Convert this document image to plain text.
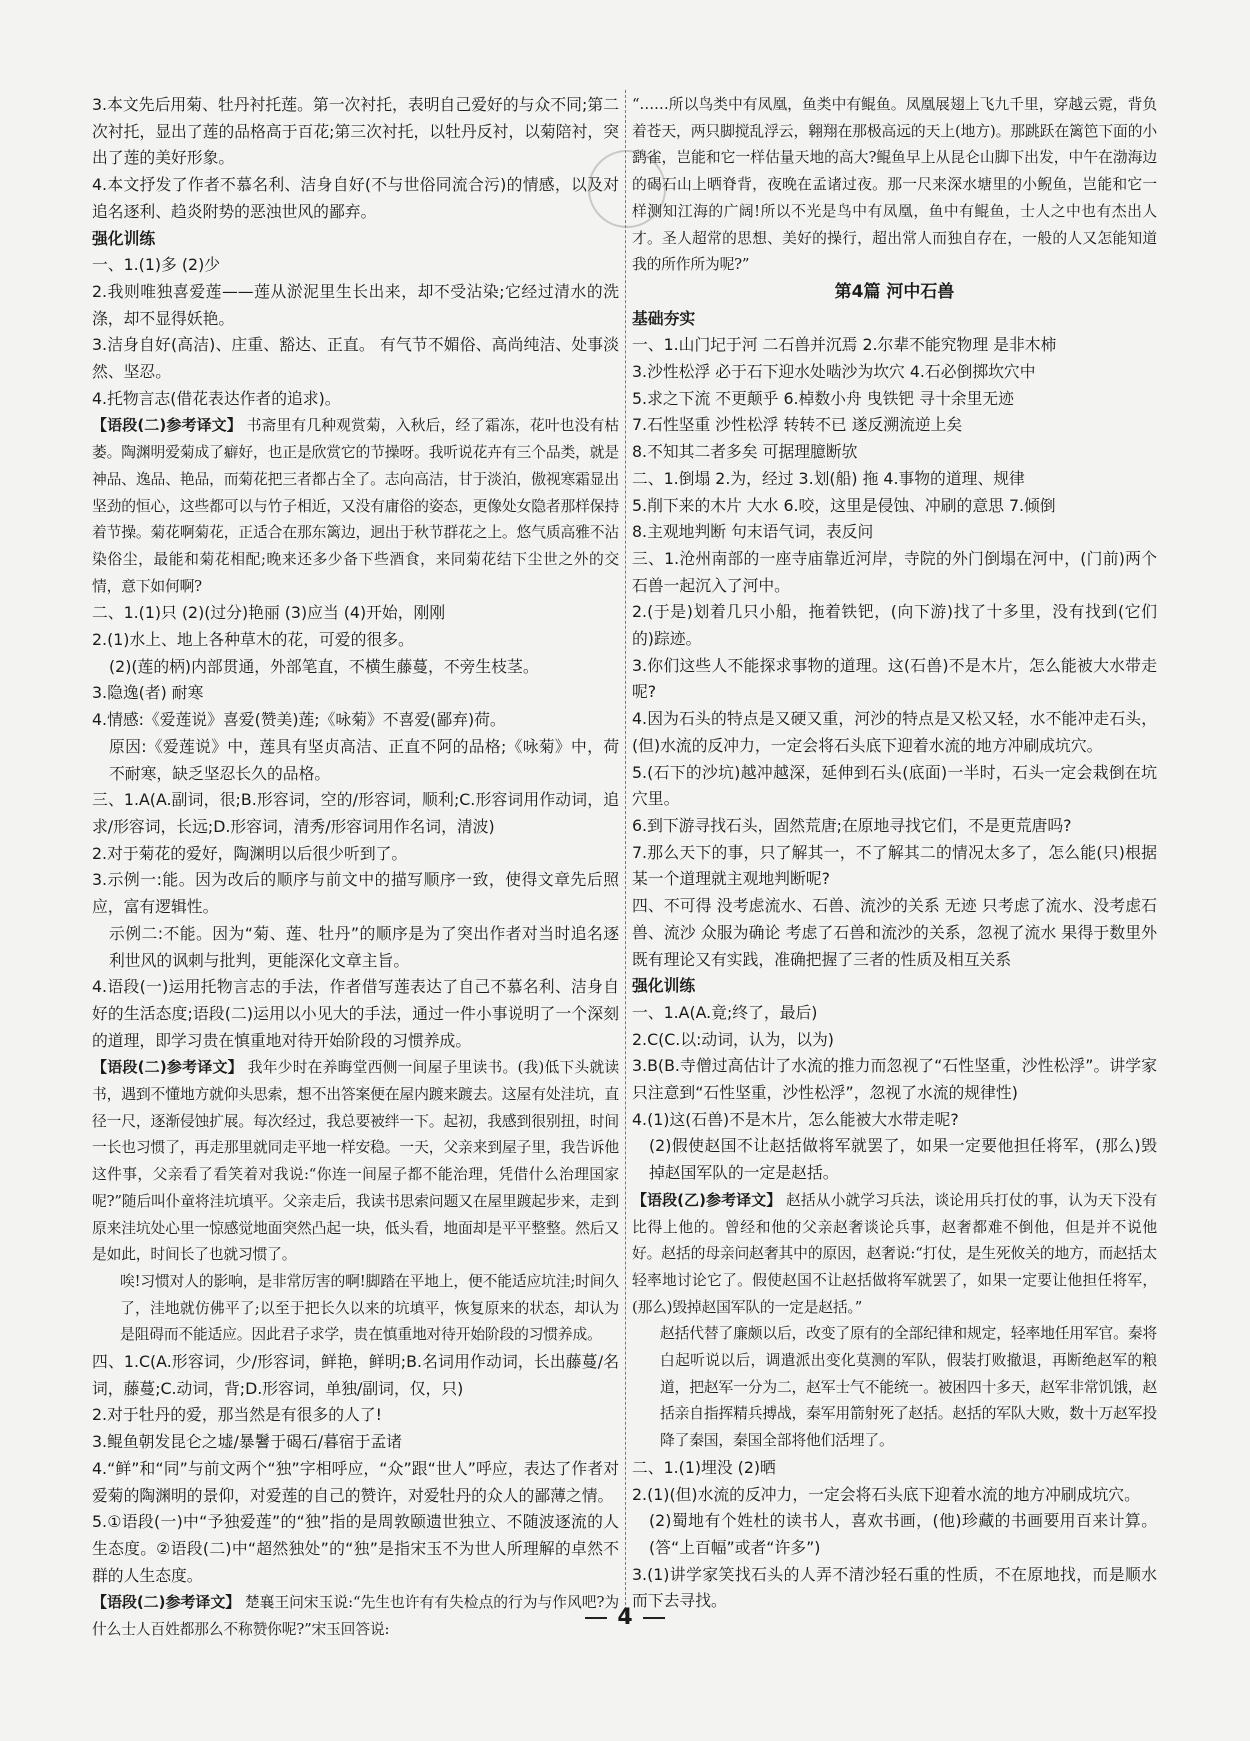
3.本文先后用菊、牡丹衬托莲。第一次衬托，表明自己爱好的与众不同;第二次衬托，显出了莲的品格高于百花;第三次衬托，以牡丹反衬，以菊陪衬，突出了莲的美好形象。
4.本文抒发了作者不慕名利、洁身自好(不与世俗同流合污)的情感，以及对追名逐利、趋炎附势的恶浊世风的鄙弃。
强化训练
一、1.(1)多 (2)少
2.我则唯独喜爱莲——莲从淤泥里生长出来，却不受沾染;它经过清水的洗涤，却不显得妖艳。
3.洁身自好(高洁)、庄重、豁达、正直。 有气节不媚俗、高尚纯洁、处事淡然、坚忍。
4.托物言志(借花表达作者的追求)。
【语段(二)参考译文】 书斋里有几种观赏菊，入秋后，经了霜冻，花叶也没有枯萎。陶渊明爱菊成了癖好，也正是欣赏它的节操呀。我听说花卉有三个品类，就是神品、逸品、艳品，而菊花把三者都占全了。志向高洁，甘于淡泊，傲视寒霜显出坚劲的恒心，这些都可以与竹子相近，又没有庸俗的姿态，更像处女隐者那样保持着节操。菊花啊菊花，正适合在那东篱边，迥出于秋节群花之上。悠气质高雅不沾染俗尘，最能和菊花相配;晚来还多少备下些酒食，来同菊花结下尘世之外的交情，意下如何啊?
二、1.(1)只 (2)(过分)艳丽 (3)应当 (4)开始，刚刚
2.(1)水上、地上各种草木的花，可爱的很多。
(2)(莲的柄)内部贯通，外部笔直，不横生藤蔓，不旁生枝茎。
3.隐逸(者) 耐寒
4.情感:《爱莲说》喜爱(赞美)莲;《咏菊》不喜爱(鄙弃)荷。
原因:《爱莲说》中，莲具有坚贞高洁、正直不阿的品格;《咏菊》中，荷不耐寒，缺乏坚忍长久的品格。
三、1.A(A.副词，很;B.形容词，空的/形容词，顺利;C.形容词用作动词，追求/形容词，长远;D.形容词，清秀/形容词用作名词，清波)
2.对于菊花的爱好，陶渊明以后很少听到了。
3.示例一:能。因为改后的顺序与前文中的描写顺序一致，使得文章先后照应，富有逻辑性。
示例二:不能。因为“菊、莲、牡丹”的顺序是为了突出作者对当时追名逐利世风的讽刺与批判，更能深化文章主旨。
4.语段(一)运用托物言志的手法，作者借写莲表达了自己不慕名利、洁身自好的生活态度;语段(二)运用以小见大的手法，通过一件小事说明了一个深刻的道理，即学习贵在慎重地对待开始阶段的习惯养成。
【语段(二)参考译文】 我年少时在养晦堂西侧一间屋子里读书。(我)低下头就读书，遇到不懂地方就仰头思索，想不出答案便在屋内踱来踱去。这屋有处洼坑，直径一尺，逐渐侵蚀扩展。每次经过，我总要被绊一下。起初，我感到很别扭，时间一长也习惯了，再走那里就同走平地一样安稳。一天，父亲来到屋子里，我告诉他这件事，父亲看了看笑着对我说:“你连一间屋子都不能治理，凭借什么治理国家呢?”随后叫仆童将洼坑填平。父亲走后，我读书思索问题又在屋里踱起步来，走到原来洼坑处心里一惊感觉地面突然凸起一块，低头看，地面却是平平整整。然后又是如此，时间长了也就习惯了。
唉!习惯对人的影响，是非常厉害的啊!脚踏在平地上，便不能适应坑洼;时间久了，洼地就仿佛平了;以至于把长久以来的坑填平，恢复原来的状态，却认为是阻碍而不能适应。因此君子求学，贵在慎重地对待开始阶段的习惯养成。
四、1.C(A.形容词，少/形容词，鲜艳，鲜明;B.名词用作动词，长出藤蔓/名词，藤蔓;C.动词，背;D.形容词，单独/副词，仅，只)
2.对于牡丹的爱，那当然是有很多的人了!
3.鲲鱼朝发昆仑之墟/暴鬐于碣石/暮宿于孟诸
4.“鲜”和“同”与前文两个“独”字相呼应，“众”跟“世人”呼应，表达了作者对爱菊的陶渊明的景仰，对爱莲的自己的赞许，对爱牡丹的众人的鄙薄之情。
5.①语段(一)中“予独爱莲”的“独”指的是周敦颐遗世独立、不随波逐流的人生态度。②语段(二)中“超然独处”的“独”是指宋玉不为世人所理解的卓然不群的人生态度。
【语段(二)参考译文】 楚襄王问宋玉说:“先生也许有有失检点的行为与作风吧?为什么士人百姓都那么不称赞你呢?”宋玉回答说:
“……所以鸟类中有凤凰，鱼类中有鲲鱼。凤凰展翅上飞九千里，穿越云霓，背负着苍天，两只脚搅乱浮云，翱翔在那极高远的天上(地方)。那跳跃在篱笆下面的小鹞雀，岂能和它一样估量天地的高大?鲲鱼早上从昆仑山脚下出发，中午在渤海边的碣石山上晒脊背，夜晚在孟诸过夜。那一尺来深水塘里的小鲵鱼，岂能和它一样测知江海的广阔!所以不光是鸟中有凤凰，鱼中有鲲鱼，士人之中也有杰出人才。圣人超常的思想、美好的操行，超出常人而独自存在，一般的人又怎能知道我的所作所为呢?”
第4篇 河中石兽
基础夯实
一、1.山门圮于河 二石兽并沉焉 2.尔辈不能究物理 是非木柿
3.沙性松浮 必于石下迎水处啮沙为坎穴 4.石必倒掷坎穴中
5.求之下流 不更颠乎 6.棹数小舟 曳铁钯 寻十余里无迹
7.石性坚重 沙性松浮 转转不已 遂反溯流逆上矣
8.不知其二者多矣 可据理臆断欤
二、1.倒塌 2.为，经过 3.划(船) 拖 4.事物的道理、规律
5.削下来的木片 大水 6.咬，这里是侵蚀、冲刷的意思 7.倾倒
8.主观地判断 句末语气词，表反问
三、1.沧州南部的一座寺庙靠近河岸，寺院的外门倒塌在河中，(门前)两个石兽一起沉入了河中。
2.(于是)划着几只小船，拖着铁钯，(向下游)找了十多里，没有找到(它们的)踪迹。
3.你们这些人不能探求事物的道理。这(石兽)不是木片，怎么能被大水带走呢?
4.因为石头的特点是又硬又重，河沙的特点是又松又轻，水不能冲走石头，(但)水流的反冲力，一定会将石头底下迎着水流的地方冲刷成坑穴。
5.(石下的沙坑)越冲越深，延伸到石头(底面)一半时，石头一定会栽倒在坑穴里。
6.到下游寻找石头，固然荒唐;在原地寻找它们，不是更荒唐吗?
7.那么天下的事，只了解其一，不了解其二的情况太多了，怎么能(只)根据某一个道理就主观地判断呢?
四、不可得 没考虑流水、石兽、流沙的关系 无迹 只考虑了流水、没考虑石兽、流沙 众服为确论 考虑了石兽和流沙的关系，忽视了流水 果得于数里外 既有理论又有实践，准确把握了三者的性质及相互关系
强化训练
一、1.A(A.竟;终了，最后)
2.C(C.以:动词，认为，以为)
3.B(B.寺僧过高估计了水流的推力而忽视了“石性坚重，沙性松浮”。讲学家只注意到“石性坚重，沙性松浮”，忽视了水流的规律性)
4.(1)这(石兽)不是木片，怎么能被大水带走呢?
(2)假使赵国不让赵括做将军就罢了，如果一定要他担任将军，(那么)毁掉赵国军队的一定是赵括。
【语段(乙)参考译文】 赵括从小就学习兵法，谈论用兵打仗的事，认为天下没有比得上他的。曾经和他的父亲赵奢谈论兵事，赵奢都难不倒他，但是并不说他好。赵括的母亲问赵奢其中的原因，赵奢说:“打仗，是生死攸关的地方，而赵括太轻率地讨论它了。假使赵国不让赵括做将军就罢了，如果一定要让他担任将军，(那么)毁掉赵国军队的一定是赵括。”
赵括代替了廉颇以后，改变了原有的全部纪律和规定，轻率地任用军官。秦将白起听说以后，调遣派出变化莫测的军队，假装打败撤退，再断绝赵军的粮道，把赵军一分为二，赵军士气不能统一。被困四十多天，赵军非常饥饿，赵括亲自指挥精兵搏战，秦军用箭射死了赵括。赵括的军队大败，数十万赵军投降了秦国，秦国全部将他们活埋了。
二、1.(1)埋没 (2)晒
2.(1)(但)水流的反冲力，一定会将石头底下迎着水流的地方冲刷成坑穴。
(2)蜀地有个姓杜的读书人，喜欢书画，(他)珍藏的书画要用百来计算。(答“上百幅”或者“许多”)
3.(1)讲学家笑找石头的人弄不清沙轻石重的性质，不在原地找，而是顺水而下去寻找。
4
